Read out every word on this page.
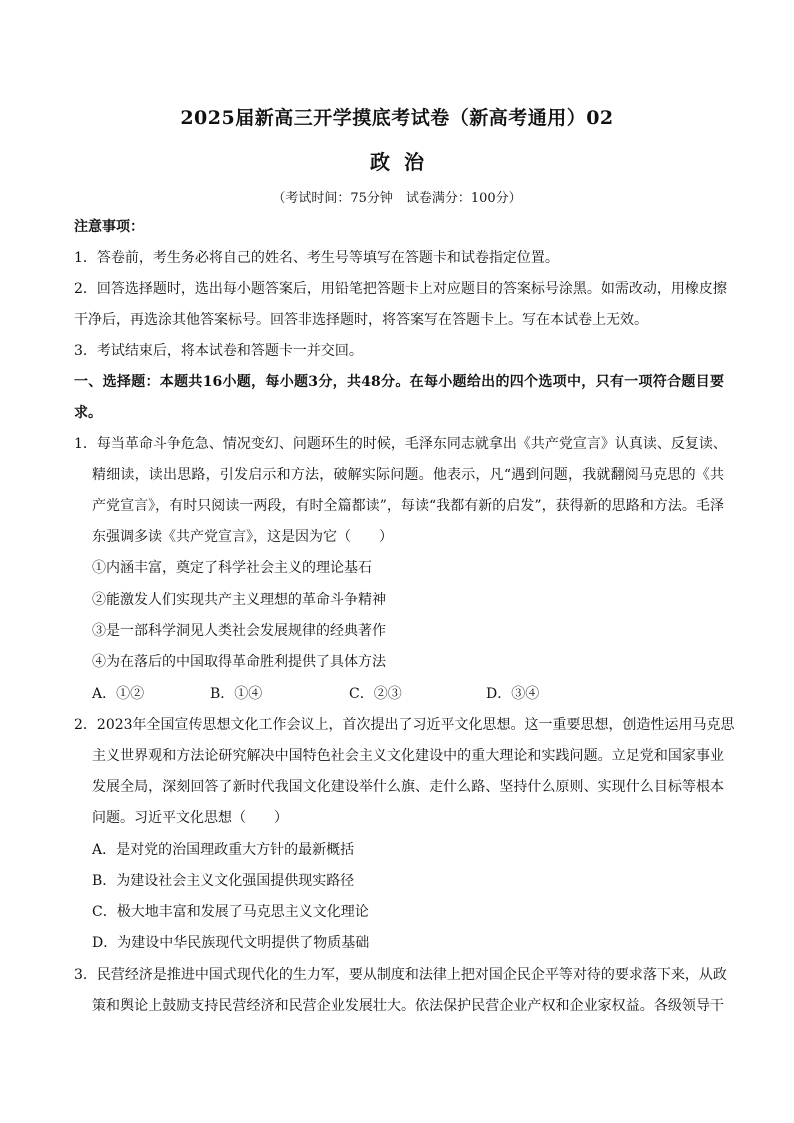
2025届新高三开学摸底考试卷（新高考通用）02
政治
（考试时间：75分钟　试卷满分：100分）
注意事项：
1．答卷前，考生务必将自己的姓名、考生号等填写在答题卡和试卷指定位置。
2．回答选择题时，选出每小题答案后，用铅笔把答题卡上对应题目的答案标号涂黑。如需改动，用橡皮擦
干净后，再选涂其他答案标号。回答非选择题时，将答案写在答题卡上。写在本试卷上无效。
3．考试结束后，将本试卷和答题卡一并交回。
一、选择题：本题共16小题，每小题3分，共48分。在每小题给出的四个选项中，只有一项符合题目要
求。
1．每当革命斗争危急、情况变幻、问题环生的时候，毛泽东同志就拿出《共产党宣言》认真读、反复读、
精细读，读出思路，引发启示和方法，破解实际问题。他表示，凡“遇到问题，我就翻阅马克思的《共
产党宣言》，有时只阅读一两段，有时全篇都读”，每读“我都有新的启发”，获得新的思路和方法。毛泽
东强调多读《共产党宣言》，这是因为它（　　）
①内涵丰富，奠定了科学社会主义的理论基石
②能激发人们实现共产主义理想的革命斗争精神
③是一部科学洞见人类社会发展规律的经典著作
④为在落后的中国取得革命胜利提供了具体方法
A．①②	B．①④	C．②③	D．③④
2．2023年全国宣传思想文化工作会议上，首次提出了习近平文化思想。这一重要思想，创造性运用马克思
主义世界观和方法论研究解决中国特色社会主义文化建设中的重大理论和实践问题。立足党和国家事业
发展全局，深刻回答了新时代我国文化建设举什么旗、走什么路、坚持什么原则、实现什么目标等根本
问题。习近平文化思想（　　）
A．是对党的治国理政重大方针的最新概括
B．为建设社会主义文化强国提供现实路径
C．极大地丰富和发展了马克思主义文化理论
D．为建设中华民族现代文明提供了物质基础
3．民营经济是推进中国式现代化的生力军，要从制度和法律上把对国企民企平等对待的要求落下来，从政
策和舆论上鼓励支持民营经济和民营企业发展壮大。依法保护民营企业产权和企业家权益。各级领导干
